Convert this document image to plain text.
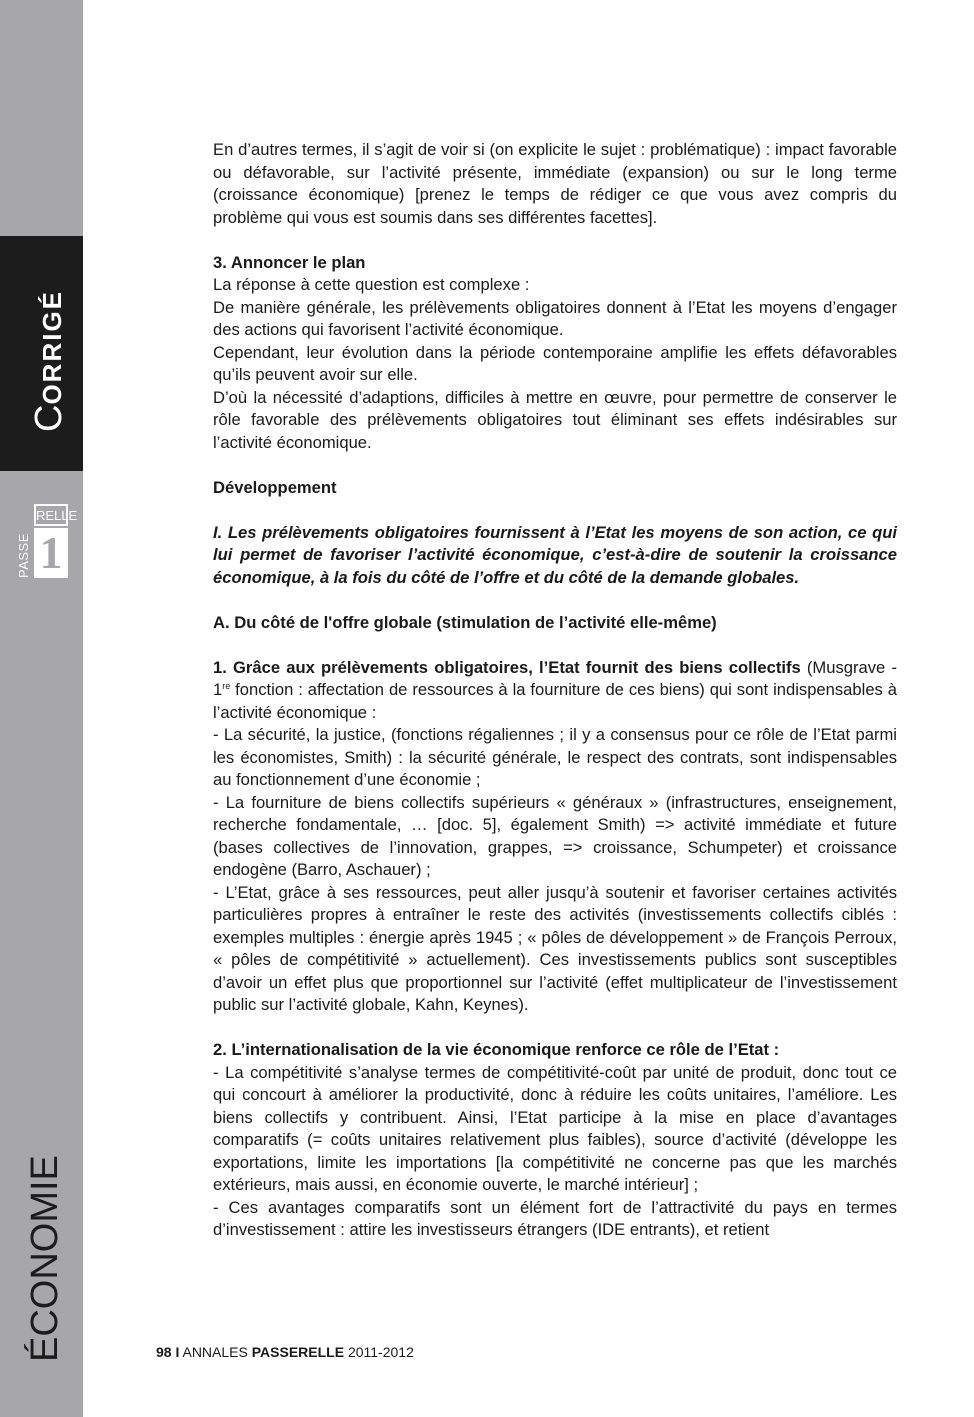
CORRIGÉ
RELLE
PASSE 1
ÉCONOMIE

En d’autres termes, il s’agit de voir si (on explicite le sujet : problématique) : impact favorable ou défavorable, sur l’activité présente, immédiate (expansion) ou sur le long terme (croissance économique) [prenez le temps de rédiger ce que vous avez compris du problème qui vous est soumis dans ses différentes facettes].

3. Annoncer le plan

La réponse à cette question est complexe :

De manière générale, les prélèvements obligatoires donnent à l’Etat les moyens d’engager des actions qui favorisent l’activité économique.

Cependant, leur évolution dans la période contemporaine amplifie les effets défavorables qu’ils peuvent avoir sur elle.

D’où la nécessité d’adaptions, difficiles à mettre en œuvre, pour permettre de conserver le rôle favorable des prélèvements obligatoires tout éliminant ses effets indésirables sur l’activité économique.

Développement

I. Les prélèvements obligatoires fournissent à l’Etat les moyens de son action, ce qui lui permet de favoriser l’activité économique, c’est-à-dire de soutenir la croissance économique, à la fois du côté de l’offre et du côté de la demande globales.

A. Du côté de l'offre globale (stimulation de l’activité elle-même)

1. Grâce aux prélèvements obligatoires, l’Etat fournit des biens collectifs (Musgrave - 1re fonction : affectation de ressources à la fourniture de ces biens) qui sont indispensables à l’activité économique :

- La sécurité, la justice, (fonctions régaliennes ; il y a consensus pour ce rôle de l’Etat parmi les économistes, Smith) : la sécurité générale, le respect des contrats, sont indispensables au fonctionnement d’une économie ;

- La fourniture de biens collectifs supérieurs « généraux » (infrastructures, enseignement, recherche fondamentale, … [doc. 5], également Smith) => activité immédiate et future (bases collectives de l’innovation, grappes, => croissance, Schumpeter) et croissance endogène (Barro, Aschauer) ;

- L’Etat, grâce à ses ressources, peut aller jusqu’à soutenir et favoriser certaines activités particulières propres à entraîner le reste des activités (investissements collectifs ciblés : exemples multiples : énergie après 1945 ; « pôles de développement » de François Perroux, « pôles de compétitivité » actuellement). Ces investissements publics sont susceptibles d’avoir un effet plus que proportionnel sur l’activité (effet multiplicateur de l’investissement public sur l’activité globale, Kahn, Keynes).

2. L’internationalisation de la vie économique renforce ce rôle de l’Etat :

- La compétitivité s’analyse termes de compétitivité-coût par unité de produit, donc tout ce qui concourt à améliorer la productivité, donc à réduire les coûts unitaires, l’améliore. Les biens collectifs y contribuent. Ainsi, l’Etat participe à la mise en place d’avantages comparatifs (= coûts unitaires relativement plus faibles), source d’activité (développe les exportations, limite les importations [la compétitivité ne concerne pas que les marchés extérieurs, mais aussi, en économie ouverte, le marché intérieur] ;

- Ces avantages comparatifs sont un élément fort de l’attractivité du pays en termes d’investissement : attire les investisseurs étrangers (IDE entrants), et retient

98 I ANNALES PASSERELLE 2011-2012
